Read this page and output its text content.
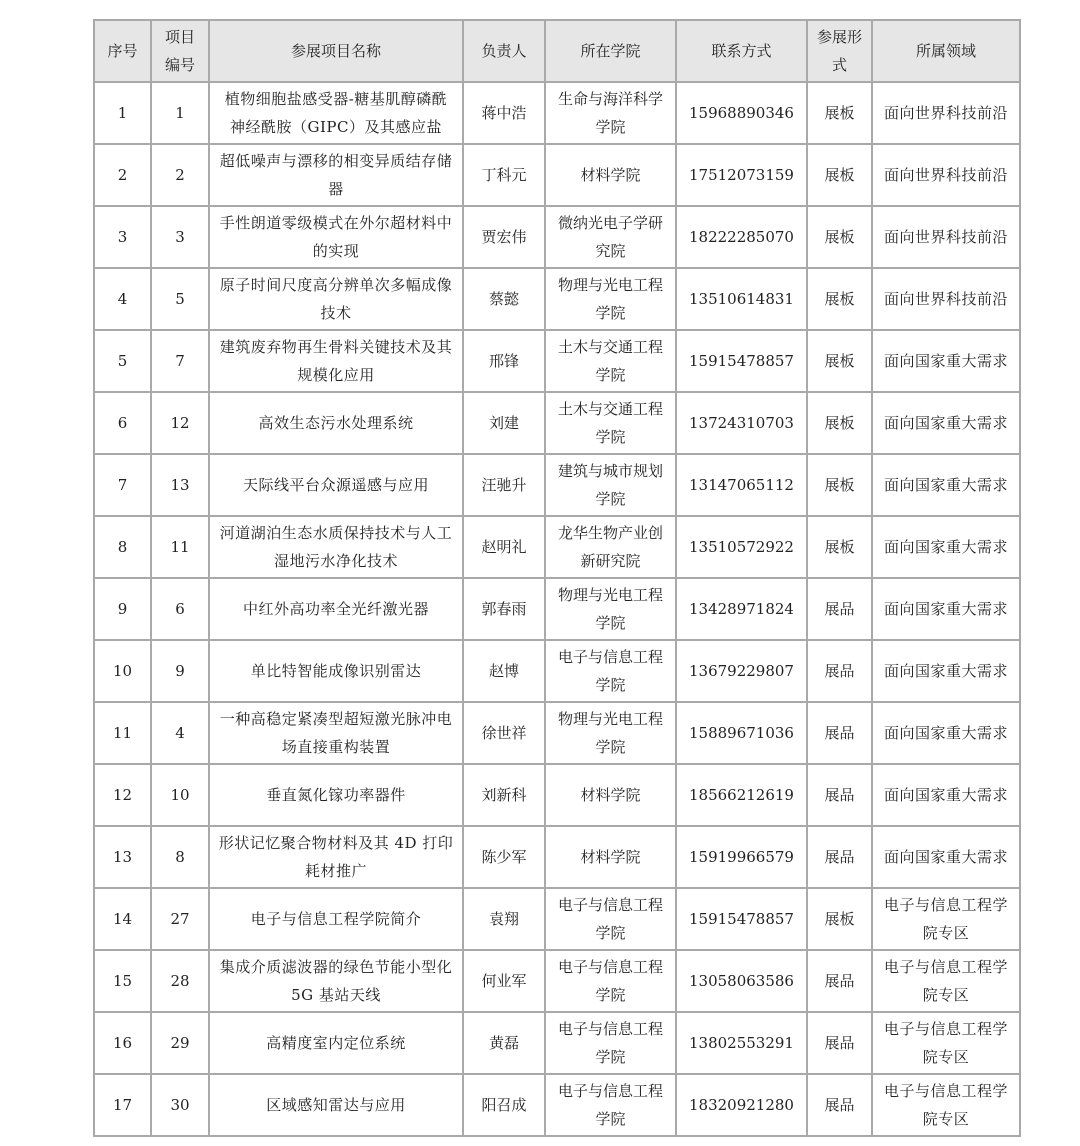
序号	项目编号	参展项目名称	负责人	所在学院	联系方式	参展形式	所属领域
1	1	植物细胞盐感受器-糖基肌醇磷酰神经酰胺（GIPC）及其感应盐	蒋中浩	生命与海洋科学学院	15968890346	展板	面向世界科技前沿
2	2	超低噪声与漂移的相变异质结存储器	丁科元	材料学院	17512073159	展板	面向世界科技前沿
3	3	手性朗道零级模式在外尔超材料中的实现	贾宏伟	微纳光电子学研究院	18222285070	展板	面向世界科技前沿
4	5	原子时间尺度高分辨单次多幅成像技术	蔡懿	物理与光电工程学院	13510614831	展板	面向世界科技前沿
5	7	建筑废弃物再生骨料关键技术及其规模化应用	邢锋	土木与交通工程学院	15915478857	展板	面向国家重大需求
6	12	高效生态污水处理系统	刘建	土木与交通工程学院	13724310703	展板	面向国家重大需求
7	13	天际线平台众源遥感与应用	汪驰升	建筑与城市规划学院	13147065112	展板	面向国家重大需求
8	11	河道湖泊生态水质保持技术与人工湿地污水净化技术	赵明礼	龙华生物产业创新研究院	13510572922	展板	面向国家重大需求
9	6	中红外高功率全光纤激光器	郭春雨	物理与光电工程学院	13428971824	展品	面向国家重大需求
10	9	单比特智能成像识别雷达	赵博	电子与信息工程学院	13679229807	展品	面向国家重大需求
11	4	一种高稳定紧凑型超短激光脉冲电场直接重构装置	徐世祥	物理与光电工程学院	15889671036	展品	面向国家重大需求
12	10	垂直氮化镓功率器件	刘新科	材料学院	18566212619	展品	面向国家重大需求
13	8	形状记忆聚合物材料及其 4D 打印耗材推广	陈少军	材料学院	15919966579	展品	面向国家重大需求
14	27	电子与信息工程学院简介	袁翔	电子与信息工程学院	15915478857	展板	电子与信息工程学院专区
15	28	集成介质滤波器的绿色节能小型化 5G 基站天线	何业军	电子与信息工程学院	13058063586	展品	电子与信息工程学院专区
16	29	高精度室内定位系统	黄磊	电子与信息工程学院	13802553291	展品	电子与信息工程学院专区
17	30	区域感知雷达与应用	阳召成	电子与信息工程学院	18320921280	展品	电子与信息工程学院专区
